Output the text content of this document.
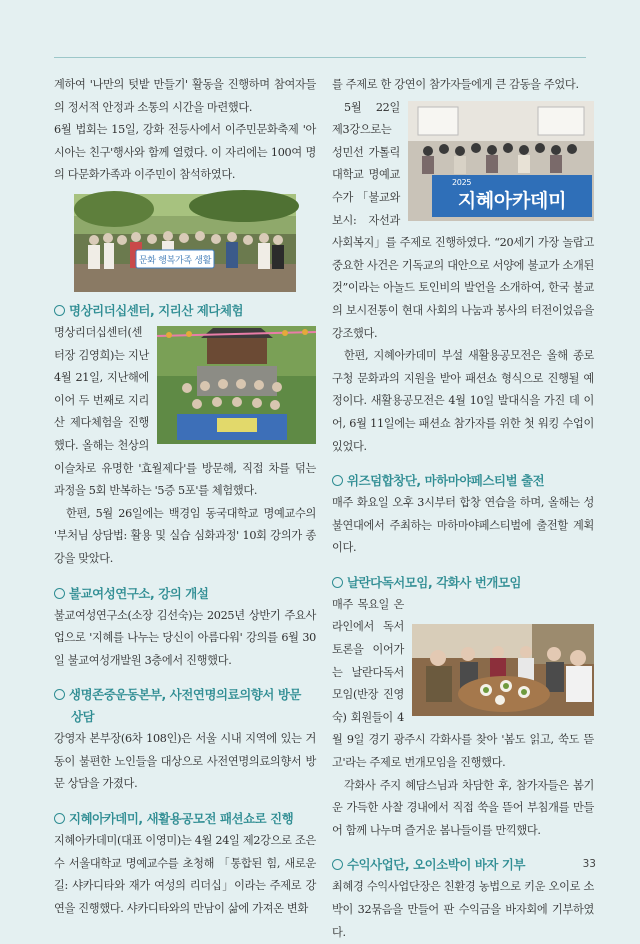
계하여 '나만의 텃밭 만들기' 활동을 진행하며 참여자들의 정서적 안정과 소통의 시간을 마련했다.

6월 법회는 15일, 강화 전등사에서 이주민문화축제 '아시아는 친구'행사와 함께 열렸다. 이 자리에는 100여 명의 다문화가족과 이주민이 참석하였다.

문화 행복가족 생활
명상리더십센터, 지리산 제다체험

명상리더십센터(센터장 김영희)는 지난 4월 21일, 지난해에 이어 두 번째로 지리산 제다체험을 진행했다. 올해는 천상의 이슬차로 유명한 '효월제다'를 방문해, 직접 차를 덖는 과정을 5회 반복하는 '5증 5포'를 체험했다.

한편, 5월 26일에는 백경임 동국대학교 명예교수의 '부처님 상담법: 활용 및 실습 심화과정' 10회 강의가 종강을 맞았다.

불교여성연구소, 강의 개설

불교여성연구소(소장 김선숙)는 2025년 상반기 주요사업으로 '지혜를 나누는 당신이 아름다워' 강의를 6월 30일 불교여성개발원 3층에서 진행했다.

생명존중운동본부, 사전연명의료의향서 방문
상담

강영자 본부장(6차 108인)은 서울 시내 지역에 있는 거동이 불편한 노인들을 대상으로 사전연명의료의향서 방문 상담을 가졌다.

지혜아카데미, 새활용공모전 패션쇼로 진행

지혜아카데미(대표 이영미)는 4월 24일 제2강으로 조은수 서울대학교 명예교수를 초청해 「통합된 힘, 새로운 길: 샤카디타와 재가 여성의 리더십」이라는 주제로 강연을 진행했다. 샤카디타와의 만남이 삶에 가져온 변화

를 주제로 한 강연이 참가자들에게 큰 감동을 주었다.

2025
지혜아카데미

5월 22일 제3강으로는 성민선 가톨릭대학교 명예교수가 「불교와 보시: 자선과 사회복지」를 주제로 진행하였다. “20세기 가장 놀랍고 중요한 사건은 기독교의 대안으로 서양에 불교가 소개된 것”이라는 아놀드 토인비의 발언을 소개하여, 한국 불교의 보시전통이 현대 사회의 나눔과 봉사의 터전이었음을 강조했다.

한편, 지혜아카데미 부설 새활용공모전은 올해 종로구청 문화과의 지원을 받아 패션쇼 형식으로 진행될 예정이다. 새활용공모전은 4월 10일 발대식을 가진 데 이어, 6월 11일에는 패션쇼 참가자를 위한 첫 워킹 수업이 있었다.

위즈덤합창단, 마하마야페스티벌 출전

매주 화요일 오후 3시부터 합창 연습을 하며, 올해는 성불연대에서 주최하는 마하마야페스티벌에 출전할 계획이다.

날란다독서모임, 각화사 번개모임

매주 목요일 온라인에서 독서토론을 이어가는 날란다독서모임(반장 진영숙) 회원들이 4월 9일 경기 광주시 각화사를 찾아 '봄도 읽고, 쑥도 뜯고'라는 주제로 번개모임을 진행했다.

각화사 주지 혜담스님과 차담한 후, 참가자들은 봄기운 가득한 사찰 경내에서 직접 쑥을 뜯어 부침개를 만들어 함께 나누며 즐거운 봄나들이를 만끽했다.

수익사업단, 오이소박이 바자 기부

최혜경 수익사업단장은 친환경 농법으로 키운 오이로 소박이 32묶음을 만들어 판 수익금을 바자회에 기부하였다.

33
